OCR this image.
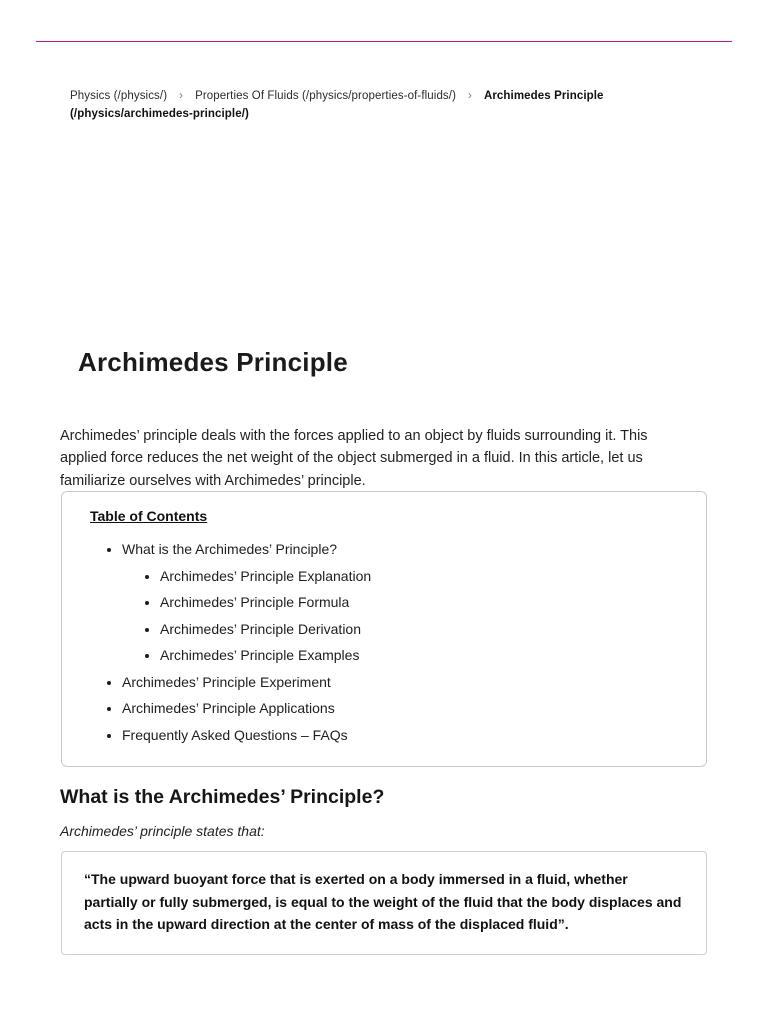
Physics (/physics/) › Properties Of Fluids (/physics/properties-of-fluids/) › Archimedes Principle (/physics/archimedes-principle/)
Archimedes Principle

Archimedes’ principle deals with the forces applied to an object by fluids surrounding it. This applied force reduces the net weight of the object submerged in a fluid. In this article, let us familiarize ourselves with Archimedes’ principle.

Table of Contents
• What is the Archimedes’ Principle?
• Archimedes’ Principle Explanation
• Archimedes’ Principle Formula
• Archimedes’ Principle Derivation
• Archimedes’ Principle Examples
• Archimedes’ Principle Experiment
• Archimedes’ Principle Applications
• Frequently Asked Questions – FAQs
What is the Archimedes’ Principle?
Archimedes’ principle states that:

“The upward buoyant force that is exerted on a body immersed in a fluid, whether partially or fully submerged, is equal to the weight of the fluid that the body displaces and acts in the upward direction at the center of mass of the displaced fluid”.
